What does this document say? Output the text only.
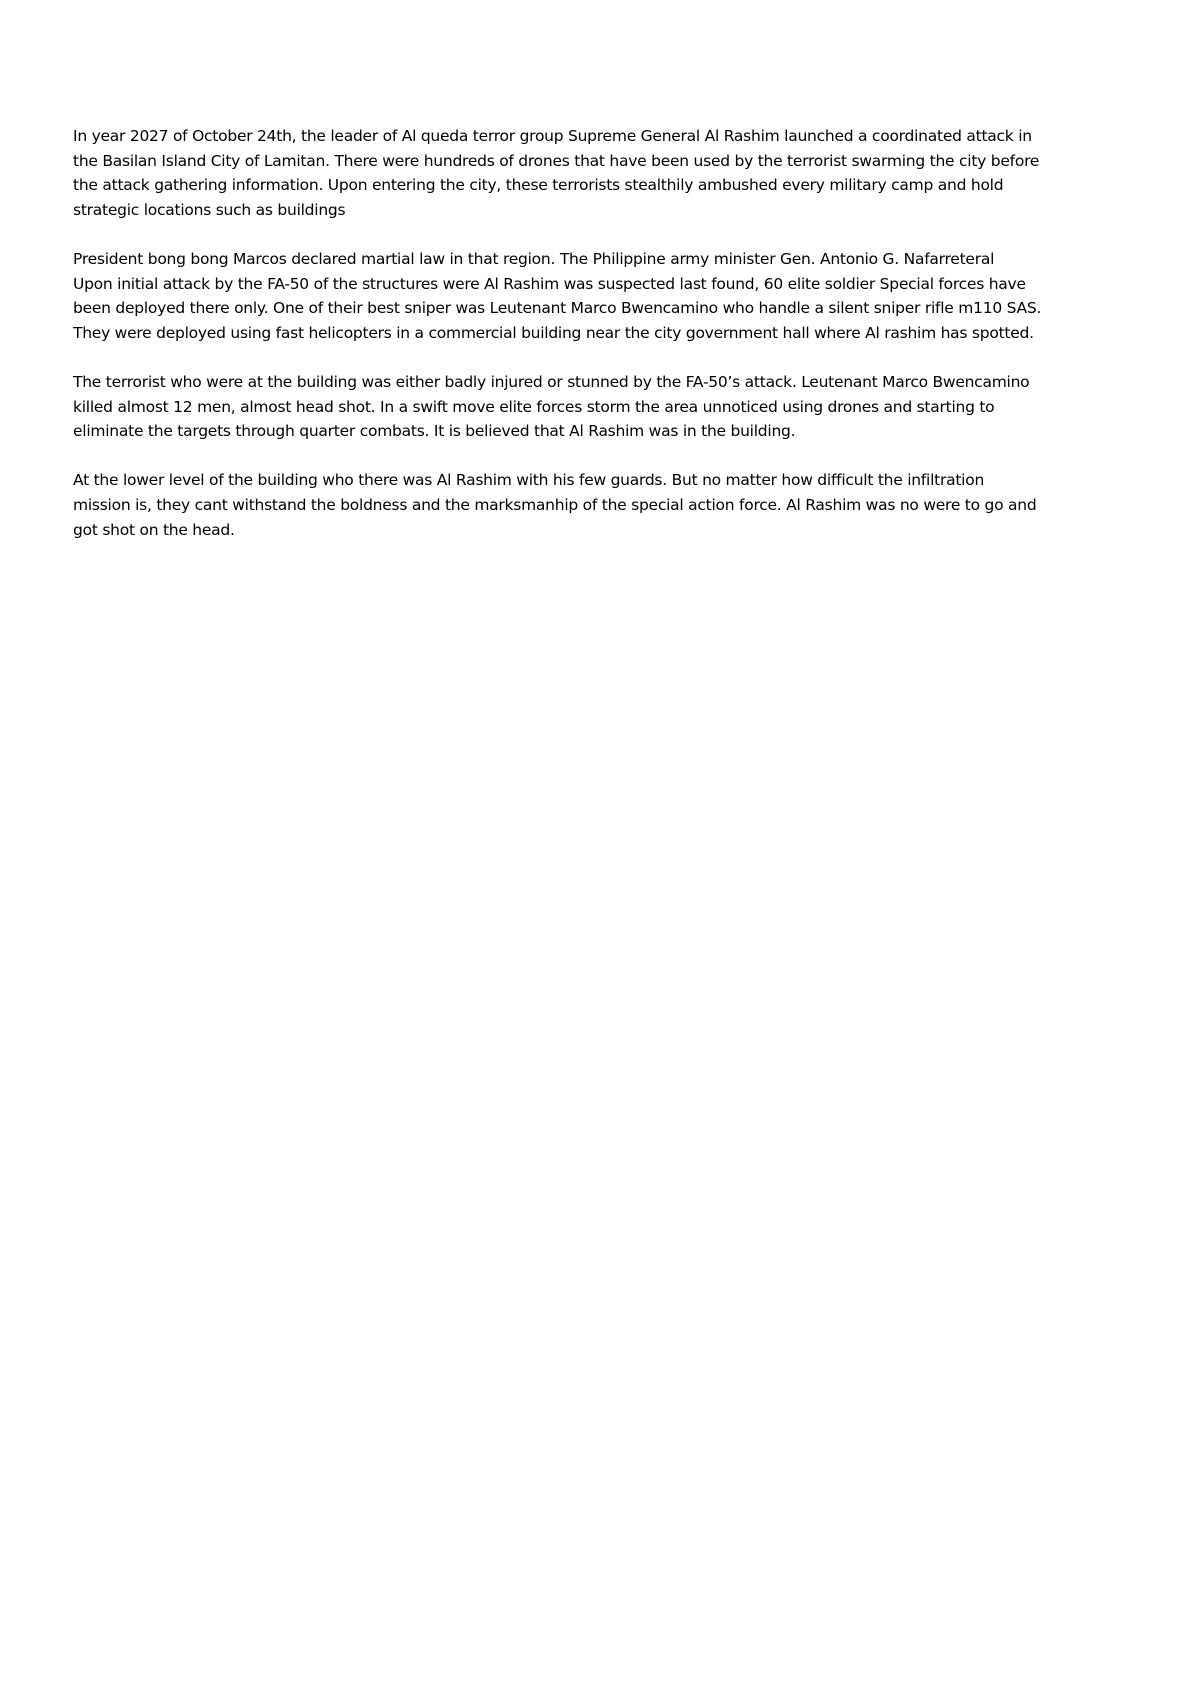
In year 2027 of October 24th, the leader of Al queda terror group Supreme General Al Rashim launched a coordinated attack in
the Basilan Island City of Lamitan. There were hundreds of drones that have been used by the terrorist swarming the city before
the attack gathering information. Upon entering the city, these terrorists stealthily ambushed every military camp and hold
strategic locations such as buildings

President bong bong Marcos declared martial law in that region. The Philippine army minister Gen. Antonio G. Nafarreteral
Upon initial attack by the FA-50 of the structures were Al Rashim was suspected last found, 60 elite soldier Special forces have
been deployed there only. One of their best sniper was Leutenant Marco Bwencamino who handle a silent sniper rifle m110 SAS.
They were deployed using fast helicopters in a commercial building near the city government hall where Al rashim has spotted.

The terrorist who were at the building was either badly injured or stunned by the FA-50’s attack. Leutenant Marco Bwencamino
killed almost 12 men, almost head shot. In a swift move elite forces storm the area unnoticed using drones and starting to
eliminate the targets through quarter combats. It is believed that Al Rashim was in the building.

At the lower level of the building who there was Al Rashim with his few guards. But no matter how difficult the infiltration
mission is, they cant withstand the boldness and the marksmanhip of the special action force. Al Rashim was no were to go and
got shot on the head.
